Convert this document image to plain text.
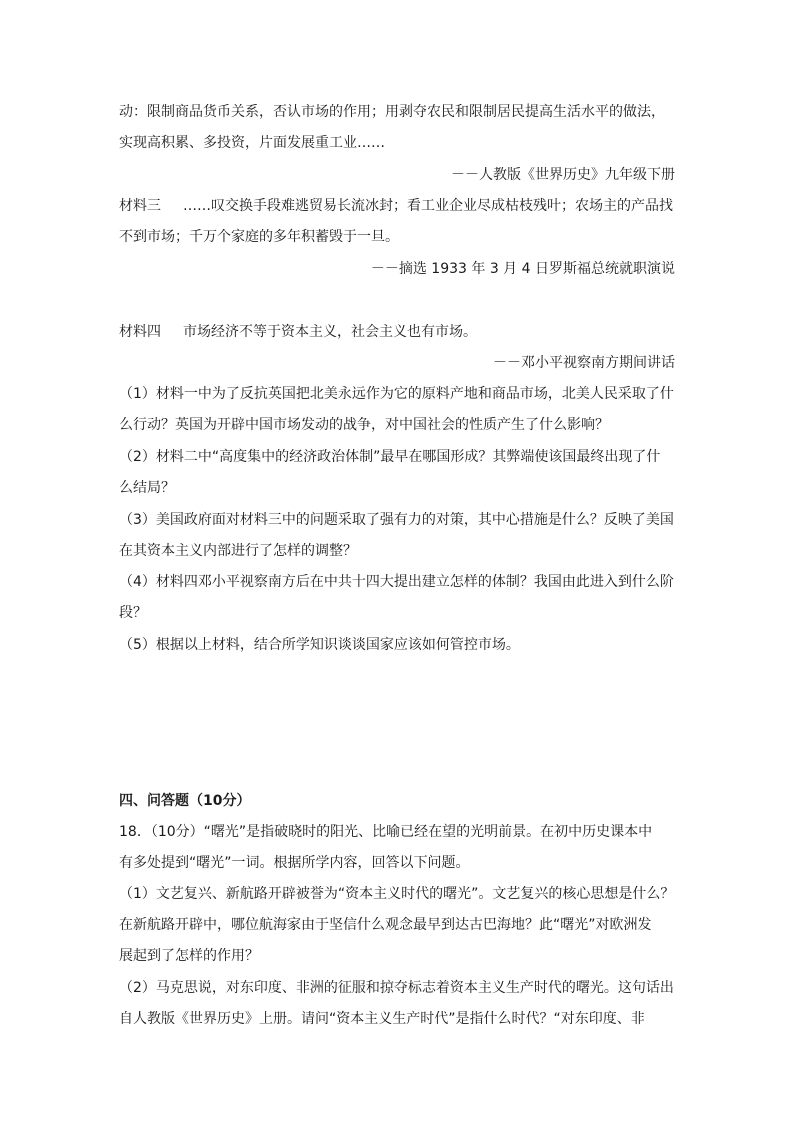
动：限制商品货币关系，否认市场的作用；用剥夺农民和限制居民提高生活水平的做法，
实现高积累、多投资，片面发展重工业……
－－人教版《世界历史》九年级下册
材料三 ……叹交换手段难逃贸易长流冰封；看工业企业尽成枯枝残叶；农场主的产品找
不到市场；千万个家庭的多年积蓄毁于一旦。
－－摘选 1933 年 3 月 4 日罗斯福总统就职演说
材料四 市场经济不等于资本主义，社会主义也有市场。
－－邓小平视察南方期间讲话
（1）材料一中为了反抗英国把北美永远作为它的原料产地和商品市场，北美人民采取了什
么行动？英国为开辟中国市场发动的战争，对中国社会的性质产生了什么影响？
（2）材料二中“高度集中的经济政治体制”最早在哪国形成？其弊端使该国最终出现了什
么结局？
（3）美国政府面对材料三中的问题采取了强有力的对策，其中心措施是什么？反映了美国
在其资本主义内部进行了怎样的调整？
（4）材料四邓小平视察南方后在中共十四大提出建立怎样的体制？我国由此进入到什么阶
段？
（5）根据以上材料，结合所学知识谈谈国家应该如何管控市场。
四、问答题（10分）
18．（10分）“曙光”是指破晓时的阳光、比喻已经在望的光明前景。在初中历史课本中
有多处提到“曙光”一词。根据所学内容，回答以下问题。
（1）文艺复兴、新航路开辟被誉为“资本主义时代的曙光”。文艺复兴的核心思想是什么？
在新航路开辟中，哪位航海家由于坚信什么观念最早到达古巴海地？此“曙光”对欧洲发
展起到了怎样的作用？
（2）马克思说，对东印度、非洲的征服和掠夺标志着资本主义生产时代的曙光。这句话出
自人教版《世界历史》上册。请问“资本主义生产时代”是指什么时代？“对东印度、非
